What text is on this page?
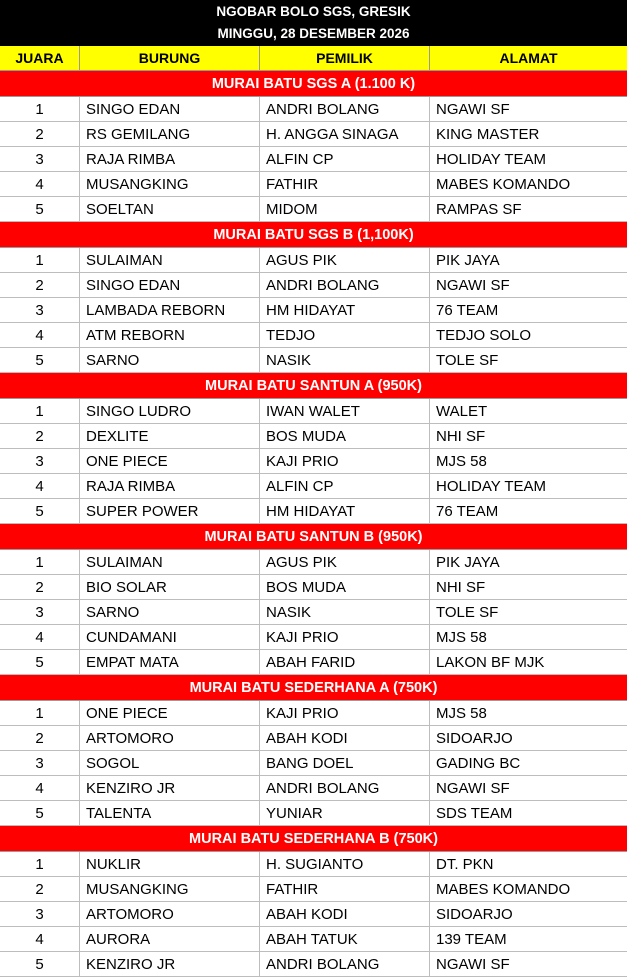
NGOBAR BOLO SGS, GRESIK
MINGGU, 28 DESEMBER 2026
JUARA	BURUNG	PEMILIK	ALAMAT
MURAI BATU SGS A (1.100 K)
1	SINGO EDAN	ANDRI BOLANG	NGAWI SF
2	RS GEMILANG	H. ANGGA SINAGA	KING MASTER
3	RAJA RIMBA	ALFIN CP	HOLIDAY TEAM
4	MUSANGKING	FATHIR	MABES KOMANDO
5	SOELTAN	MIDOM	RAMPAS SF
MURAI BATU SGS B (1,100K)
1	SULAIMAN	AGUS PIK	PIK JAYA
2	SINGO EDAN	ANDRI BOLANG	NGAWI SF
3	LAMBADA REBORN	HM HIDAYAT	76 TEAM
4	ATM REBORN	TEDJO	TEDJO SOLO
5	SARNO	NASIK	TOLE SF
MURAI BATU SANTUN A (950K)
1	SINGO LUDRO	IWAN WALET	WALET
2	DEXLITE	BOS MUDA	NHI SF
3	ONE PIECE	KAJI PRIO	MJS 58
4	RAJA RIMBA	ALFIN CP	HOLIDAY TEAM
5	SUPER POWER	HM HIDAYAT	76 TEAM
MURAI BATU SANTUN B (950K)
1	SULAIMAN	AGUS PIK	PIK JAYA
2	BIO SOLAR	BOS MUDA	NHI SF
3	SARNO	NASIK	TOLE SF
4	CUNDAMANI	KAJI PRIO	MJS 58
5	EMPAT MATA	ABAH FARID	LAKON BF MJK
MURAI BATU SEDERHANA A (750K)
1	ONE PIECE	KAJI PRIO	MJS 58
2	ARTOMORO	ABAH KODI	SIDOARJO
3	SOGOL	BANG DOEL	GADING BC
4	KENZIRO JR	ANDRI BOLANG	NGAWI SF
5	TALENTA	YUNIAR	SDS TEAM
MURAI BATU SEDERHANA B (750K)
1	NUKLIR	H. SUGIANTO	DT. PKN
2	MUSANGKING	FATHIR	MABES KOMANDO
3	ARTOMORO	ABAH KODI	SIDOARJO
4	AURORA	ABAH TATUK	139 TEAM
5	KENZIRO JR	ANDRI BOLANG	NGAWI SF
